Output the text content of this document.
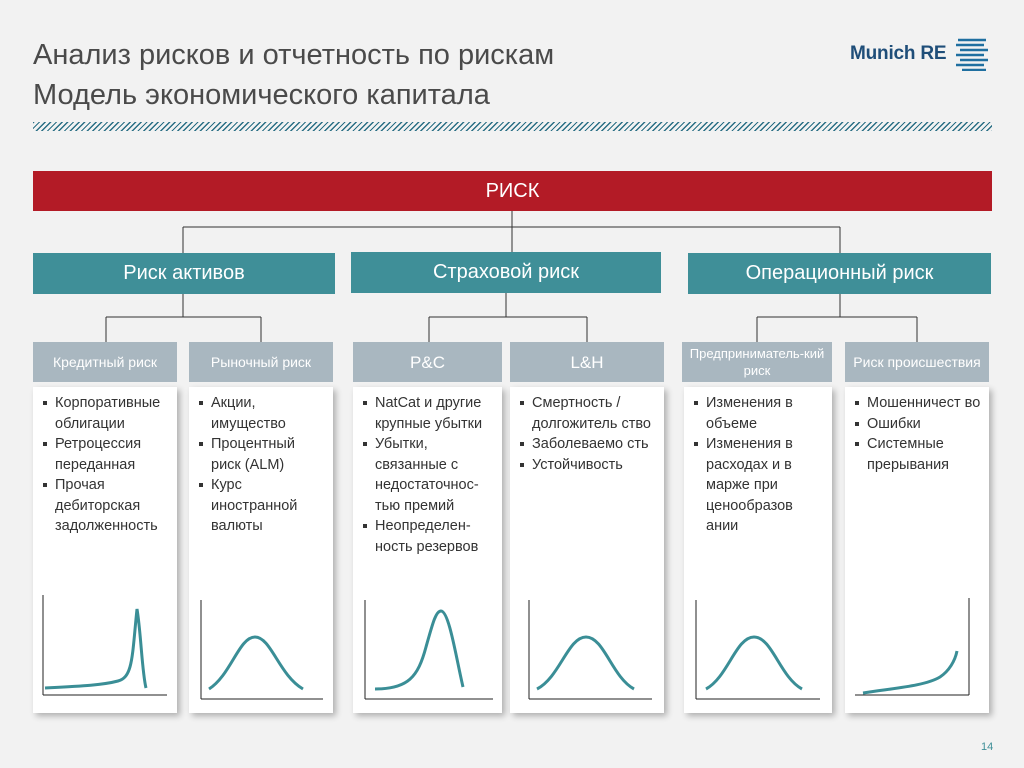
Анализ рисков и отчетность по рискам
Модель экономического капитала
Munich RE
РИСК
Риск активов	Страховой риск	Операционный риск
Кредитный риск	Рыночный риск	P&C	L&H	Предприниматель-кий риск
Риск происшествия
Корпоративные облигации
Ретроцессия переданная
Прочая дебиторская задолженность
Акции, имущество
Процентный риск (ALM)
Курс иностранной валюты
NatCat и другие крупные убытки
Убытки, связанные с недостаточнос-тью премий
Неопределен-ность резервов
Смертность / долгожитель ство
Заболеваемо сть
Устойчивость
Изменения в объеме
Изменения в расходах и в марже при ценообразов ании
Мошенничест во
Ошибки
Системные прерывания
14
